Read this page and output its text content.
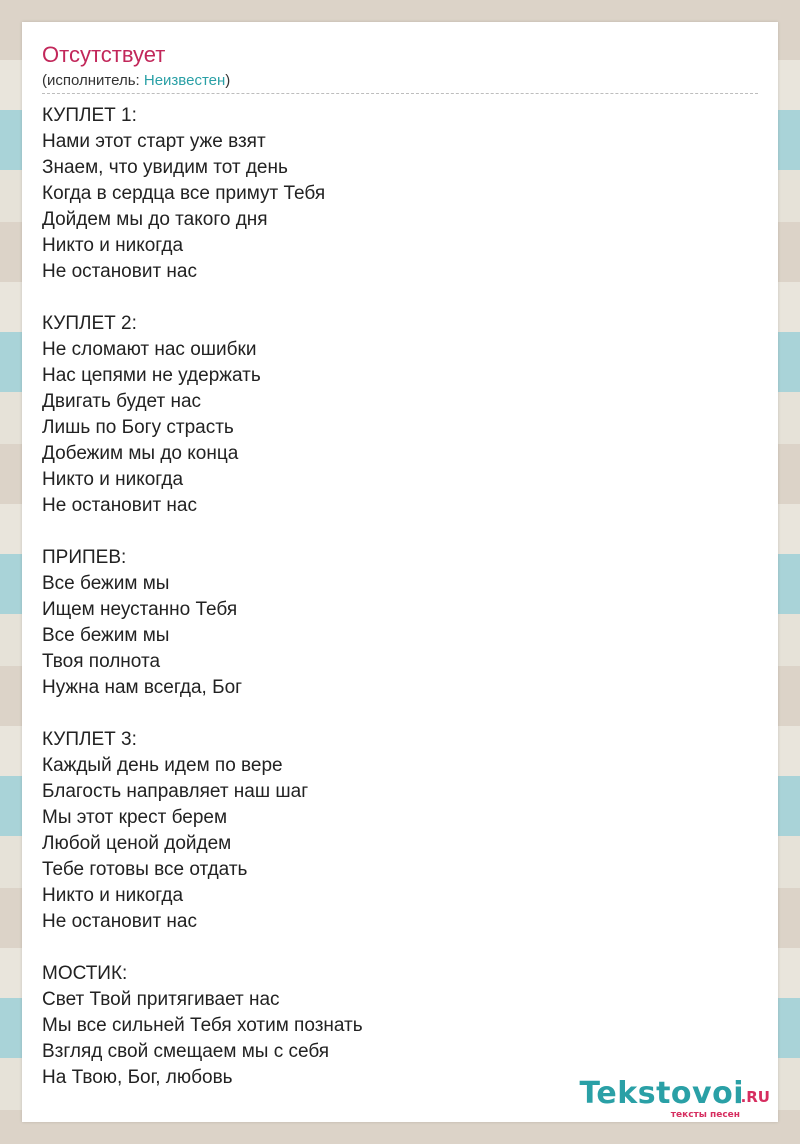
Отсутствует
(исполнитель: Неизвестен)
КУПЛЕТ 1:
Нами этот старт уже взят
Знаем, что увидим тот день
Когда в сердца все примут Тебя
Дойдем мы до такого дня
Никто и никогда
Не остановит нас
КУПЛЕТ 2:
Не сломают нас ошибки
Нас цепями не удержать
Двигать будет нас
Лишь по Богу страсть
Добежим мы до конца
Никто и никогда
Не остановит нас
ПРИПЕВ:
Все бежим мы
Ищем неустанно Тебя
Все бежим мы
Твоя полнота
Нужна нам всегда, Бог
КУПЛЕТ 3:
Каждый день идем по вере
Благость направляет наш шаг
Мы этот крест берем
Любой ценой дойдем
Тебе готовы все отдать
Никто и никогда
Не остановит нас
МОСТИК:
Свет Твой притягивает нас
Мы все сильней Тебя хотим познать
Взгляд свой смещаем мы с себя
На Твою, Бог, любовь	Tekstovoi
.RU
тексты песен
